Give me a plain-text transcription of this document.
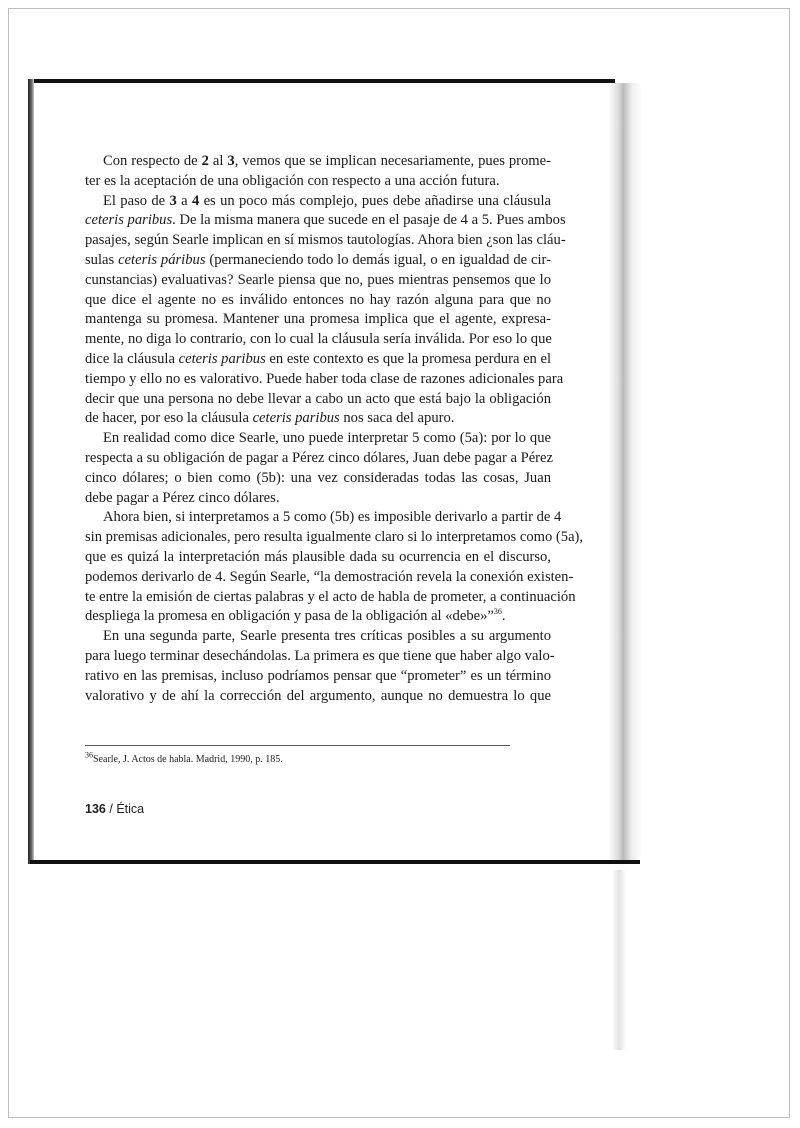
Con respecto de 2 al 3, vemos que se implican necesariamente, pues prome-
ter es la aceptación de una obligación con respecto a una acción futura.
El paso de 3 a 4 es un poco más complejo, pues debe añadirse una cláusula
ceteris paribus. De la misma manera que sucede en el pasaje de 4 a 5. Pues ambos
pasajes, según Searle implican en sí mismos tautologías. Ahora bien ¿son las cláu-
sulas ceteris páribus (permaneciendo todo lo demás igual, o en igualdad de cir-
cunstancias) evaluativas? Searle piensa que no, pues mientras pensemos que lo
que dice el agente no es inválido entonces no hay razón alguna para que no
mantenga su promesa. Mantener una promesa implica que el agente, expresa-
mente, no diga lo contrario, con lo cual la cláusula sería inválida. Por eso lo que
dice la cláusula ceteris paribus en este contexto es que la promesa perdura en el
tiempo y ello no es valorativo. Puede haber toda clase de razones adicionales para
decir que una persona no debe llevar a cabo un acto que está bajo la obligación
de hacer, por eso la cláusula ceteris paribus nos saca del apuro.
En realidad como dice Searle, uno puede interpretar 5 como (5a): por lo que
respecta a su obligación de pagar a Pérez cinco dólares, Juan debe pagar a Pérez
cinco dólares; o bien como (5b): una vez consideradas todas las cosas, Juan
debe pagar a Pérez cinco dólares.
Ahora bien, si interpretamos a 5 como (5b) es imposible derivarlo a partir de 4
sin premisas adicionales, pero resulta igualmente claro si lo interpretamos como (5a),
que es quizá la interpretación más plausible dada su ocurrencia en el discurso,
podemos derivarlo de 4. Según Searle, “la demostración revela la conexión existen-
te entre la emisión de ciertas palabras y el acto de habla de prometer, a continuación
despliega la promesa en obligación y pasa de la obligación al «debe»”$^{36}$.
En una segunda parte, Searle presenta tres críticas posibles a su argumento
para luego terminar desechándolas. La primera es que tiene que haber algo valo-
rativo en las premisas, incluso podríamos pensar que “prometer” es un término
valorativo y de ahí la corrección del argumento, aunque no demuestra lo que
$^{36}$Searle, J. Actos de habla. Madrid, 1990, p. 185.
136 / Ética
